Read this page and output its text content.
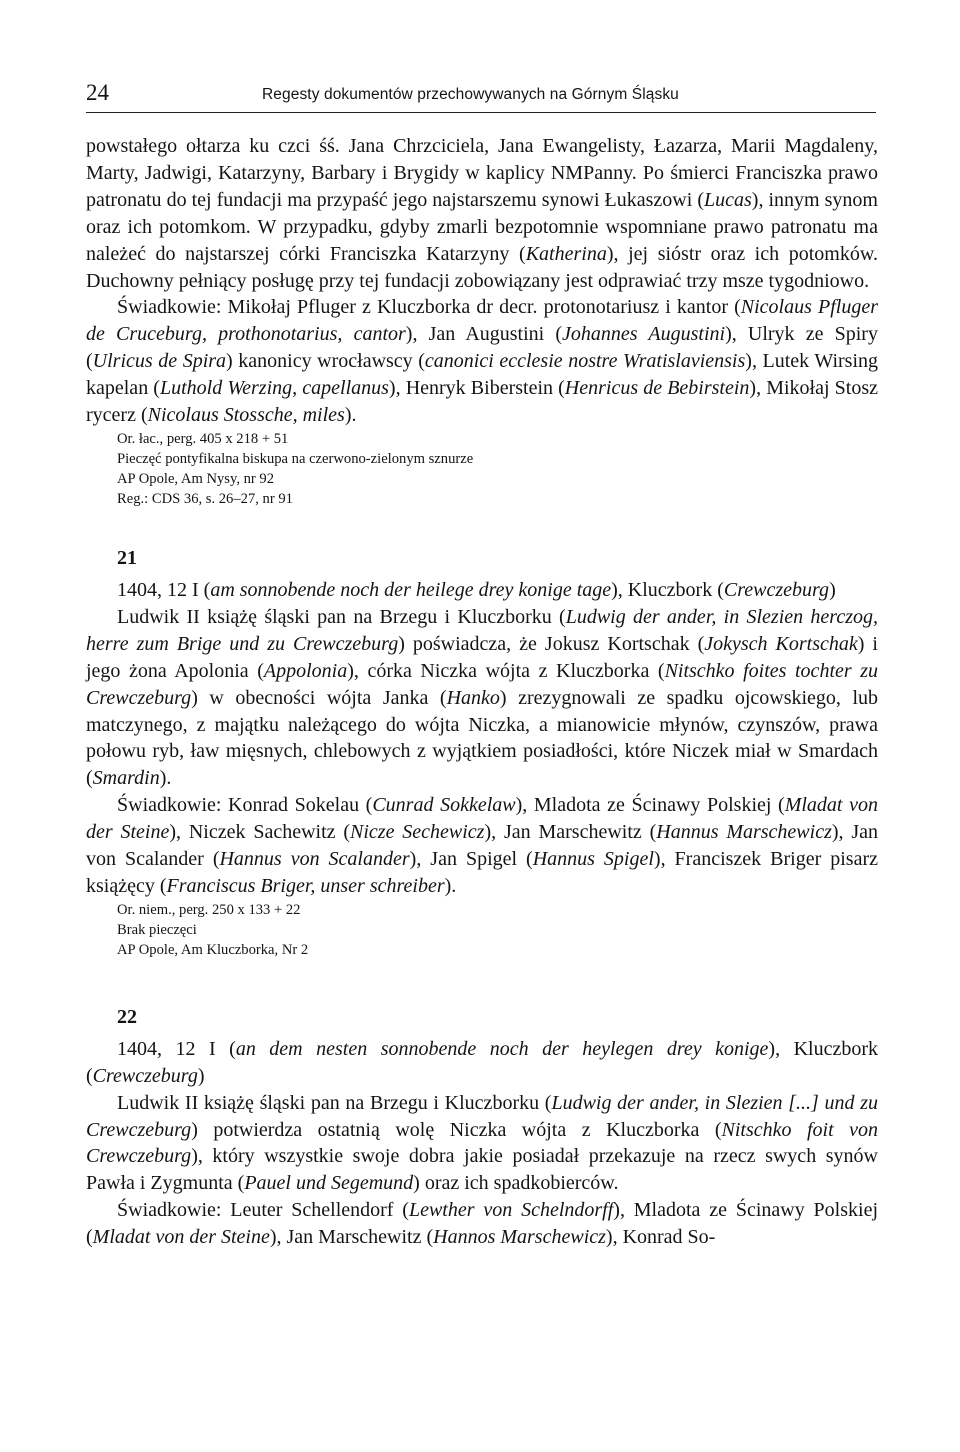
24	Regesty dokumentów przechowywanych na Górnym Śląsku

powstałego ołtarza ku czci śś. Jana Chrzciciela, Jana Ewangelisty, Łazarza, Marii Magdaleny, Marty, Jadwigi, Katarzyny, Barbary i Brygidy w kaplicy NMPanny. Po śmierci Franciszka prawo patronatu do tej fundacji ma przypaść jego najstarszemu synowi Łukaszowi (Lucas), innym synom oraz ich potomkom. W przypadku, gdyby zmarli bezpotomnie wspomniane prawo patronatu ma należeć do najstarszej córki Franciszka Katarzyny (Katherina), jej sióstr oraz ich potomków. Duchowny pełniący posługę przy tej fundacji zobowiązany jest odprawiać trzy msze tygodniowo.

Świadkowie: Mikołaj Pfluger z Kluczborka dr decr. protonotariusz i kantor (Nicolaus Pfluger de Cruceburg, prothonotarius, cantor), Jan Augustini (Johannes Augustini), Ulryk ze Spiry (Ulricus de Spira) kanonicy wrocławscy (canonici ecclesie nostre Wratislaviensis), Lutek Wirsing kapelan (Luthold Werzing, capellanus), Henryk Biberstein (Henricus de Bebirstein), Mikołaj Stosz rycerz (Nicolaus Stossche, miles).

Or. łac., perg. 405 x 218 + 51
Pieczęć pontyfikalna biskupa na czerwono-zielonym sznurze
AP Opole, Am Nysy, nr 92
Reg.: CDS 36, s. 26–27, nr 91
21

1404, 12 I (am sonnobende noch der heilege drey konige tage), Kluczbork (Crewczeburg)

Ludwik II książę śląski pan na Brzegu i Kluczborku (Ludwig der ander, in Slezien herczog, herre zum Brige und zu Crewczeburg) poświadcza, że Jokusz Kortschak (Jokysch Kortschak) i jego żona Apolonia (Appolonia), córka Niczka wójta z Kluczborka (Nitschko foites tochter zu Crewczeburg) w obecności wójta Janka (Hanko) zrezygnowali ze spadku ojcowskiego, lub matczynego, z majątku należącego do wójta Niczka, a mianowicie młynów, czynszów, prawa połowu ryb, ław mięsnych, chlebowych z wyjątkiem posiadłości, które Niczek miał w Smardach (Smardin).

Świadkowie: Konrad Sokelau (Cunrad Sokkelaw), Mladota ze Ścinawy Polskiej (Mladat von der Steine), Niczek Sachewitz (Nicze Sechewicz), Jan Marschewitz (Hannus Marschewicz), Jan von Scalander (Hannus von Scalander), Jan Spigel (Hannus Spigel), Franciszek Briger pisarz książęcy (Franciscus Briger, unser schreiber).

Or. niem., perg. 250 x 133 + 22
Brak pieczęci
AP Opole, Am Kluczborka, Nr 2
22

1404, 12 I (an dem nesten sonnobende noch der heylegen drey konige), Kluczbork (Crewczeburg)

Ludwik II książę śląski pan na Brzegu i Kluczborku (Ludwig der ander, in Slezien [...] und zu Crewczeburg) potwierdza ostatnią wolę Niczka wójta z Kluczborka (Nitschko foit von Crewczeburg), który wszystkie swoje dobra jakie posiadał przekazuje na rzecz swych synów Pawła i Zygmunta (Pauel und Segemund) oraz ich spadkobierców.

Świadkowie: Leuter Schellendorf (Lewther von Schelndorff), Mladota ze Ścinawy Polskiej (Mladat von der Steine), Jan Marschewitz (Hannos Marschewicz), Konrad So-
